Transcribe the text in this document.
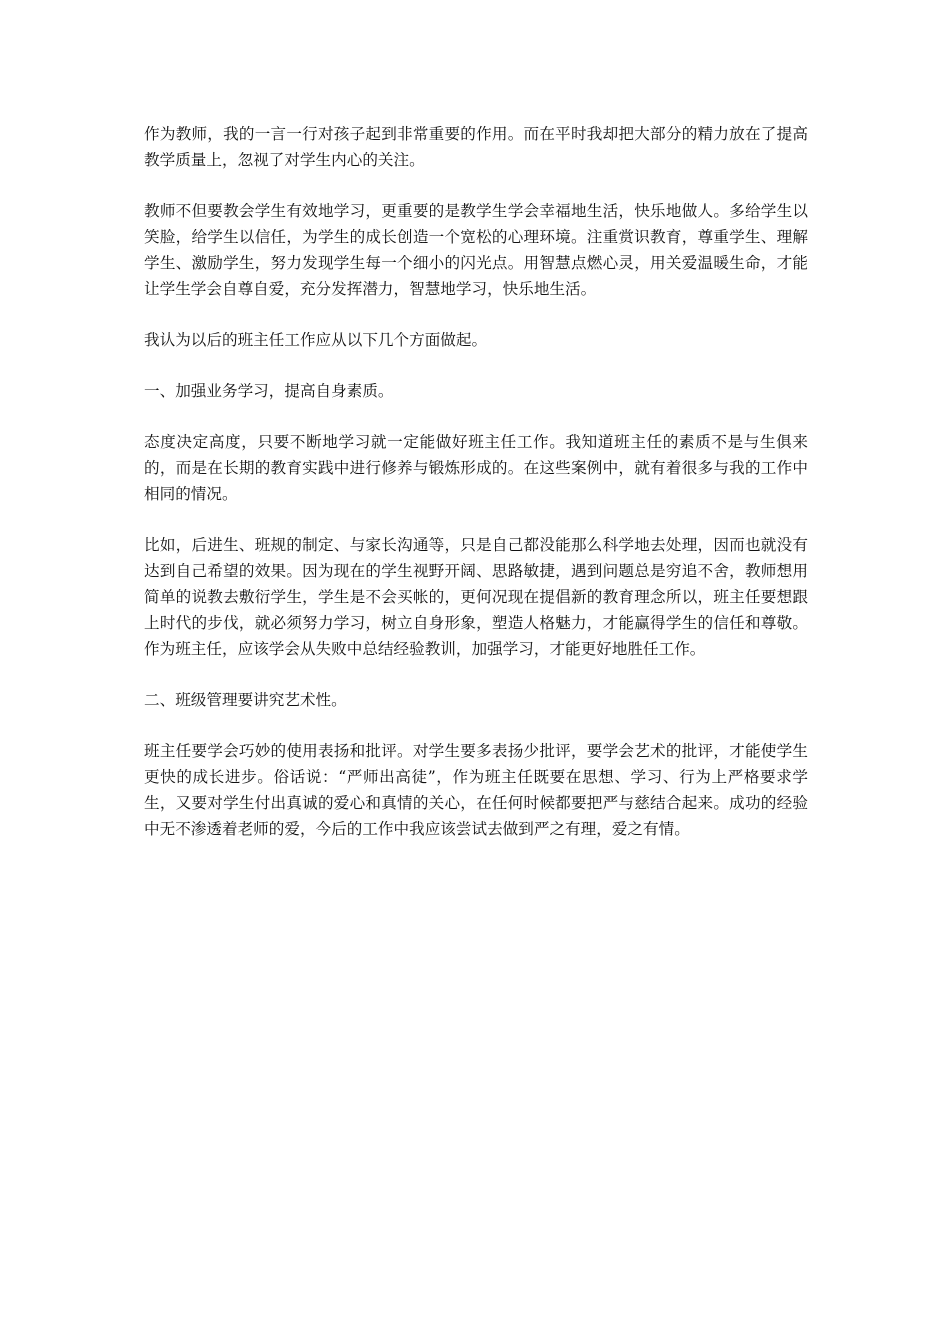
作为教师，我的一言一行对孩子起到非常重要的作用。而在平时我却把大部分的精力放在了提高教学质量上，忽视了对学生内心的关注。

教师不但要教会学生有效地学习，更重要的是教学生学会幸福地生活，快乐地做人。多给学生以笑脸，给学生以信任，为学生的成长创造一个宽松的心理环境。注重赏识教育，尊重学生、理解学生、激励学生，努力发现学生每一个细小的闪光点。用智慧点燃心灵，用关爱温暖生命，才能让学生学会自尊自爱，充分发挥潜力，智慧地学习，快乐地生活。

我认为以后的班主任工作应从以下几个方面做起。

一、加强业务学习，提高自身素质。

态度决定高度，只要不断地学习就一定能做好班主任工作。我知道班主任的素质不是与生俱来的，而是在长期的教育实践中进行修养与锻炼形成的。在这些案例中，就有着很多与我的工作中相同的情况。

比如，后进生、班规的制定、与家长沟通等，只是自己都没能那么科学地去处理，因而也就没有达到自己希望的效果。因为现在的学生视野开阔、思路敏捷，遇到问题总是穷追不舍，教师想用简单的说教去敷衍学生，学生是不会买帐的，更何况现在提倡新的教育理念所以，班主任要想跟上时代的步伐，就必须努力学习，树立自身形象，塑造人格魅力，才能赢得学生的信任和尊敬。作为班主任，应该学会从失败中总结经验教训，加强学习，才能更好地胜任工作。

二、班级管理要讲究艺术性。

班主任要学会巧妙的使用表扬和批评。对学生要多表扬少批评，要学会艺术的批评，才能使学生更快的成长进步。俗话说：“严师出高徒”，作为班主任既要在思想、学习、行为上严格要求学生，又要对学生付出真诚的爱心和真情的关心，在任何时候都要把严与慈结合起来。成功的经验中无不渗透着老师的爱，今后的工作中我应该尝试去做到严之有理，爱之有情。
